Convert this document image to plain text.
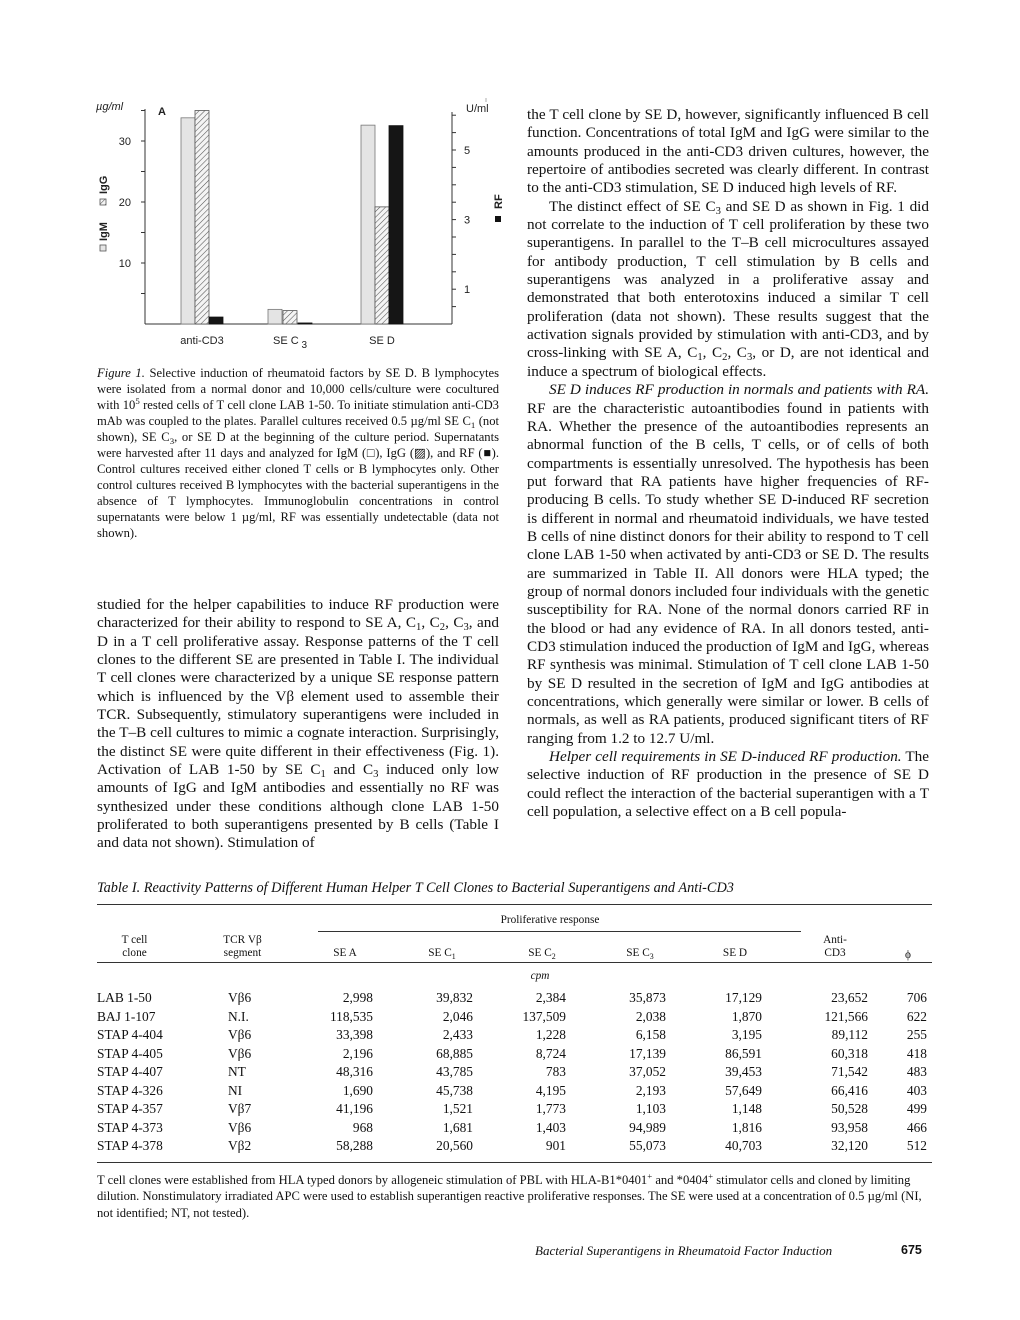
10
20
30
1
3
5
µg/ml	U/ml
A
IgM
IgG
RF
anti-CD3	SE C 3	SE D

Figure 1. Selective induction of rheumatoid factors by SE D. B lymphocytes were isolated from a normal donor and 10,000 cells/culture were cocultured with $10^5$ rested cells of T cell clone LAB 1-50. To initiate stimulation anti-CD3 mAb was coupled to the plates. Parallel cultures received 0.5 µg/ml SE $C_1$ (not shown), SE $C_3$, or SE D at the beginning of the culture period. Supernatants were harvested after 11 days and analyzed for IgM (□), IgG (▨), and RF (■). Control cultures received either cloned T cells or B lymphocytes only. Other control cultures received B lymphocytes with the bacterial superantigens in the absence of T lymphocytes. Immunoglobulin concentrations in control supernatants were below 1 µg/ml, RF was essentially undetectable (data not shown).

studied for the helper capabilities to induce RF production were characterized for their ability to respond to SE A, $C_1$, $C_2$, $C_3$, and D in a T cell proliferative assay. Response patterns of the T cell clones to the different SE are presented in Table I. The individual T cell clones were characterized by a unique SE response pattern which is influenced by the Vβ element used to assemble their TCR. Subsequently, stimulatory superantigens were included in the T–B cell cultures to mimic a cognate interaction. Surprisingly, the distinct SE were quite different in their effectiveness (Fig. 1). Activation of LAB 1-50 by SE $C_1$ and $C_3$ induced only low amounts of IgG and IgM antibodies and essentially no RF was synthesized under these conditions although clone LAB 1-50 proliferated to both superantigens presented by B cells (Table I and data not shown). Stimulation of

the T cell clone by SE D, however, significantly influenced B cell function. Concentrations of total IgM and IgG were similar to the amounts produced in the anti-CD3 driven cultures, however, the repertoire of antibodies secreted was clearly different. In contrast to the anti-CD3 stimulation, SE D induced high levels of RF.

The distinct effect of SE $C_3$ and SE D as shown in Fig. 1 did not correlate to the induction of T cell proliferation by these two superantigens. In parallel to the T–B cell microcultures assayed for antibody production, T cell stimulation by B cells and superantigens was analyzed in a proliferative assay and demonstrated that both enterotoxins induced a similar T cell proliferation (data not shown). These results suggest that the activation signals provided by stimulation with anti-CD3, and by cross-linking with SE A, $C_1$, $C_2$, $C_3$, or D, are not identical and induce a spectrum of biological effects.

SE D induces RF production in normals and patients with RA. RF are the characteristic autoantibodies found in patients with RA. Whether the presence of the autoantibodies represents an abnormal function of the B cells, T cells, or of cells of both compartments is essentially unresolved. The hypothesis has been put forward that RA patients have higher frequencies of RF-producing B cells. To study whether SE D-induced RF secretion is different in normal and rheumatoid individuals, we have tested B cells of nine distinct donors for their ability to respond to T cell clone LAB 1-50 when activated by anti-CD3 or SE D. The results are summarized in Table II. All donors were HLA typed; the group of normal donors included four individuals with the genetic susceptibility for RA. None of the normal donors carried RF in the blood or had any evidence of RA. In all donors tested, anti-CD3 stimulation induced the production of IgM and IgG, whereas RF synthesis was minimal. Stimulation of T cell clone LAB 1-50 by SE D resulted in the secretion of IgM and IgG antibodies at concentrations, which generally were similar or lower. B cells of normals, as well as RA patients, produced significant titers of RF ranging from 1.2 to 12.7 U/ml.

Helper cell requirements in SE D-induced RF production. The selective induction of RF production in the presence of SE D could reflect the interaction of the bacterial superantigen with a T cell population, a selective effect on a B cell popula-

Table I. Reactivity Patterns of Different Human Helper T Cell Clones to Bacterial Superantigens and Anti-CD3
Proliferative response
T cell
clone
TCR Vβ
segment	SE A	SE $C_1$	SE $C_2$	SE $C_3$	SE D
Anti-
CD3	ϕ
cpm
LAB 1-50	Vβ6	2,998	39,832	2,384	35,873	17,129	23,652	706
BAJ 1-107	N.I.	118,535	2,046	137,509	2,038	1,870	121,566	622
STAP 4-404	Vβ6	33,398	2,433	1,228	6,158	3,195	89,112	255
STAP 4-405	Vβ6	2,196	68,885	8,724	17,139	86,591	60,318	418
STAP 4-407	NT	48,316	43,785	783	37,052	39,453	71,542	483
STAP 4-326	NI	1,690	45,738	4,195	2,193	57,649	66,416	403
STAP 4-357	Vβ7	41,196	1,521	1,773	1,103	1,148	50,528	499
STAP 4-373	Vβ6	968	1,681	1,403	94,989	1,816	93,958	466
STAP 4-378	Vβ2	58,288	20,560	901	55,073	40,703	32,120	512
T cell clones were established from HLA typed donors by allogeneic stimulation of PBL with HLA-B1*0401+ and *0404+ stimulator cells and cloned by limiting dilution. Nonstimulatory irradiated APC were used to establish superantigen reactive proliferative responses. The SE were used at a concentration of 0.5 µg/ml (NI, not identified; NT, not tested).
Bacterial Superantigens in Rheumatoid Factor Induction	675
